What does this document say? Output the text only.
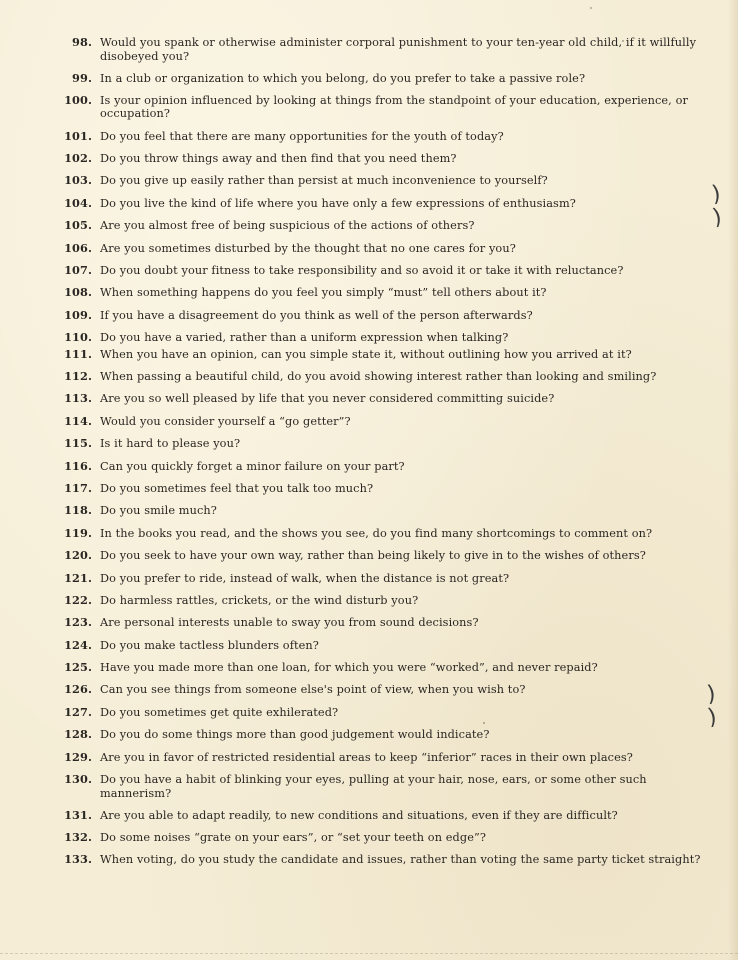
98. Would you spank or otherwise administer corporal punishment to your ten-year old child, if it willfully disobeyed you?
99. In a club or organization to which you belong, do you prefer to take a passive role?
100. Is your opinion influenced by looking at things from the standpoint of your education, experience, or occupation?
101. Do you feel that there are many opportunities for the youth of today?
102. Do you throw things away and then find that you need them?
103. Do you give up easily rather than persist at much inconvenience to yourself?
104. Do you live the kind of life where you have only a few expressions of enthusiasm?
105. Are you almost free of being suspicious of the actions of others?
106. Are you sometimes disturbed by the thought that no one cares for you?
107. Do you doubt your fitness to take responsibility and so avoid it or take it with reluctance?
108. When something happens do you feel you simply “must” tell others about it?
109. If you have a disagreement do you think as well of the person afterwards?
110. Do you have a varied, rather than a uniform expression when talking?
111. When you have an opinion, can you simple state it, without outlining how you arrived at it?
112. When passing a beautiful child, do you avoid showing interest rather than looking and smiling?
113. Are you so well pleased by life that you never considered committing suicide?
114. Would you consider yourself a “go getter”?
115. Is it hard to please you?
116. Can you quickly forget a minor failure on your part?
117. Do you sometimes feel that you talk too much?
118. Do you smile much?
119. In the books you read, and the shows you see, do you find many shortcomings to comment on?
120. Do you seek to have your own way, rather than being likely to give in to the wishes of others?
121. Do you prefer to ride, instead of walk, when the distance is not great?
122. Do harmless rattles, crickets, or the wind disturb you?
123. Are personal interests unable to sway you from sound decisions?
124. Do you make tactless blunders often?
125. Have you made more than one loan, for which you were “worked”, and never repaid?
126. Can you see things from someone else's point of view, when you wish to?
127. Do you sometimes get quite exhilerated?
128. Do you do some things more than good judgement would indicate?
129. Are you in favor of restricted residential areas to keep “inferior” races in their own places?
130. Do you have a habit of blinking your eyes, pulling at your hair, nose, ears, or some other such mannerism?
131. Are you able to adapt readily, to new conditions and situations, even if they are difficult?
132. Do some noises “grate on your ears”, or “set your teeth on edge”?
133. When voting, do you study the candidate and issues, rather than voting the same party ticket straight?
)
)
)
)
